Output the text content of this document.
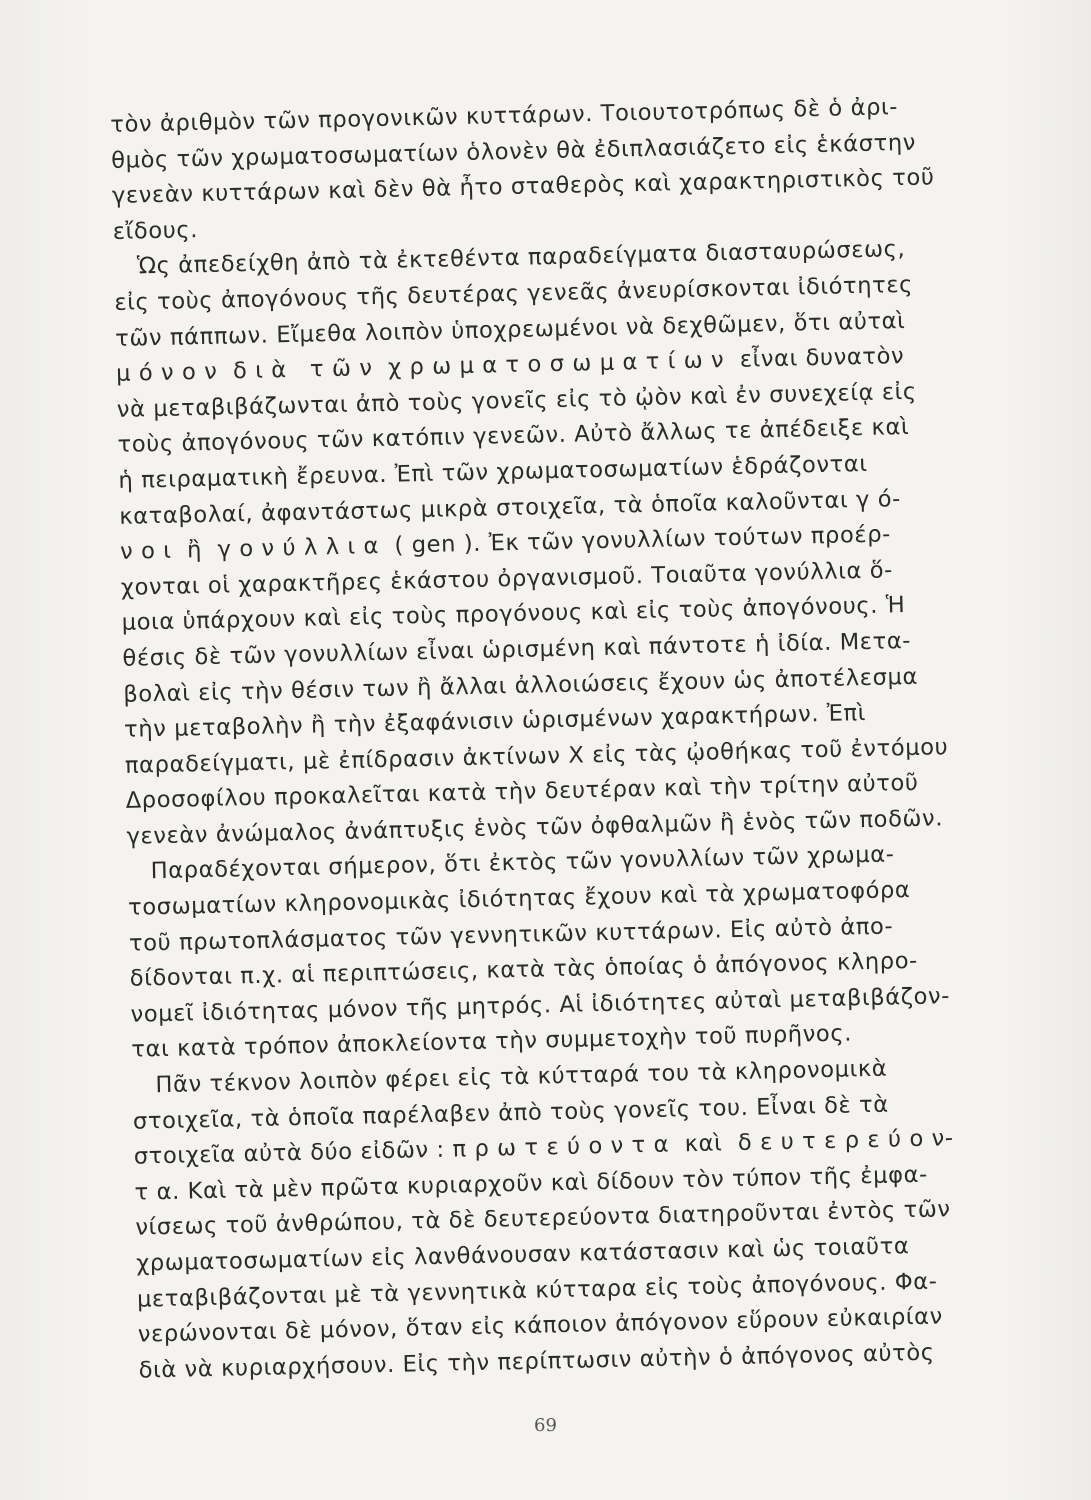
τὸν ἀριθμὸν τῶν προγονικῶν κυττάρων. Τοιουτοτρόπως δὲ ὁ ἀρι-
θμὸς τῶν χρωματοσωματίων ὁλονὲν θὰ ἐδιπλασιάζετο εἰς ἑκάστην
γενεὰν κυττάρων καὶ δὲν θὰ ἦτο σταθερὸς καὶ χαρακτηριστικὸς τοῦ
εἴδους.
Ὡς ἀπεδείχθη ἀπὸ τὰ ἐκτεθέντα παραδείγματα διασταυρώσεως,
εἰς τοὺς ἀπογόνους τῆς δευτέρας γενεᾶς ἀνευρίσκονται ἰδιότητες
τῶν πάππων. Εἴμεθα λοιπὸν ὑποχρεωμένοι νὰ δεχθῶμεν, ὅτι αὐταὶ
μ ό ν ο ν  δ ι ὰ   τ ῶ ν  χ ρ ω μ α τ ο σ ω μ α τ ί ω ν  εἶναι δυνατὸν
νὰ μεταβιβάζωνται ἀπὸ τοὺς γονεῖς εἰς τὸ ᾠὸν καὶ ἐν συνεχείᾳ εἰς
τοὺς ἀπογόνους τῶν κατόπιν γενεῶν. Αὐτὸ ἄλλως τε ἀπέδειξε καὶ
ἡ πειραματικὴ ἔρευνα. Ἐπὶ τῶν χρωματοσωματίων ἑδράζονται
καταβολαί, ἀφαντάστως μικρὰ στοιχεῖα, τὰ ὁποῖα καλοῦνται γ ό-
ν ο ι  ἢ  γ ο ν ύ λ λ ι α  ( gen ). Ἐκ τῶν γονυλλίων τούτων προέρ-
χονται οἱ χαρακτῆρες ἑκάστου ὀργανισμοῦ. Τοιαῦτα γονύλλια ὅ-
μοια ὑπάρχουν καὶ εἰς τοὺς προγόνους καὶ εἰς τοὺς ἀπογόνους. Ἡ
θέσις δὲ τῶν γονυλλίων εἶναι ὡρισμένη καὶ πάντοτε ἡ ἰδία. Μετα-
βολαὶ εἰς τὴν θέσιν των ἢ ἄλλαι ἀλλοιώσεις ἔχουν ὡς ἀποτέλεσμα
τὴν μεταβολὴν ἢ τὴν ἐξαφάνισιν ὡρισμένων χαρακτήρων. Ἐπὶ
παραδείγματι, μὲ ἐπίδρασιν ἀκτίνων X εἰς τὰς ᾠοθήκας τοῦ ἐντόμου
Δροσοφίλου προκαλεῖται κατὰ τὴν δευτέραν καὶ τὴν τρίτην αὐτοῦ
γενεὰν ἀνώμαλος ἀνάπτυξις ἑνὸς τῶν ὀφθαλμῶν ἢ ἑνὸς τῶν ποδῶν.
Παραδέχονται σήμερον, ὅτι ἐκτὸς τῶν γονυλλίων τῶν χρωμα-
τοσωματίων κληρονομικὰς ἰδιότητας ἔχουν καὶ τὰ χρωματοφόρα
τοῦ πρωτοπλάσματος τῶν γεννητικῶν κυττάρων. Εἰς αὐτὸ ἀπο-
δίδονται π.χ. αἱ περιπτώσεις, κατὰ τὰς ὁποίας ὁ ἀπόγονος κληρο-
νομεῖ ἰδιότητας μόνον τῆς μητρός. Αἱ ἰδιότητες αὐταὶ μεταβιβάζον-
ται κατὰ τρόπον ἀποκλείοντα τὴν συμμετοχὴν τοῦ πυρῆνος.
Πᾶν τέκνον λοιπὸν φέρει εἰς τὰ κύτταρά του τὰ κληρονομικὰ
στοιχεῖα, τὰ ὁποῖα παρέλαβεν ἀπὸ τοὺς γονεῖς του. Εἶναι δὲ τὰ
στοιχεῖα αὐτὰ δύο εἰδῶν : π ρ ω τ ε ύ ο ν τ α  καὶ  δ ε υ τ ε ρ ε ύ ο ν-
τ α. Καὶ τὰ μὲν πρῶτα κυριαρχοῦν καὶ δίδουν τὸν τύπον τῆς ἐμφα-
νίσεως τοῦ ἀνθρώπου, τὰ δὲ δευτερεύοντα διατηροῦνται ἐντὸς τῶν
χρωματοσωματίων εἰς λανθάνουσαν κατάστασιν καὶ ὡς τοιαῦτα
μεταβιβάζονται μὲ τὰ γεννητικὰ κύτταρα εἰς τοὺς ἀπογόνους. Φα-
νερώνονται δὲ μόνον, ὅταν εἰς κάποιον ἀπόγονον εὕρουν εὐκαιρίαν
διὰ νὰ κυριαρχήσουν. Εἰς τὴν περίπτωσιν αὐτὴν ὁ ἀπόγονος αὐτὸς
69
